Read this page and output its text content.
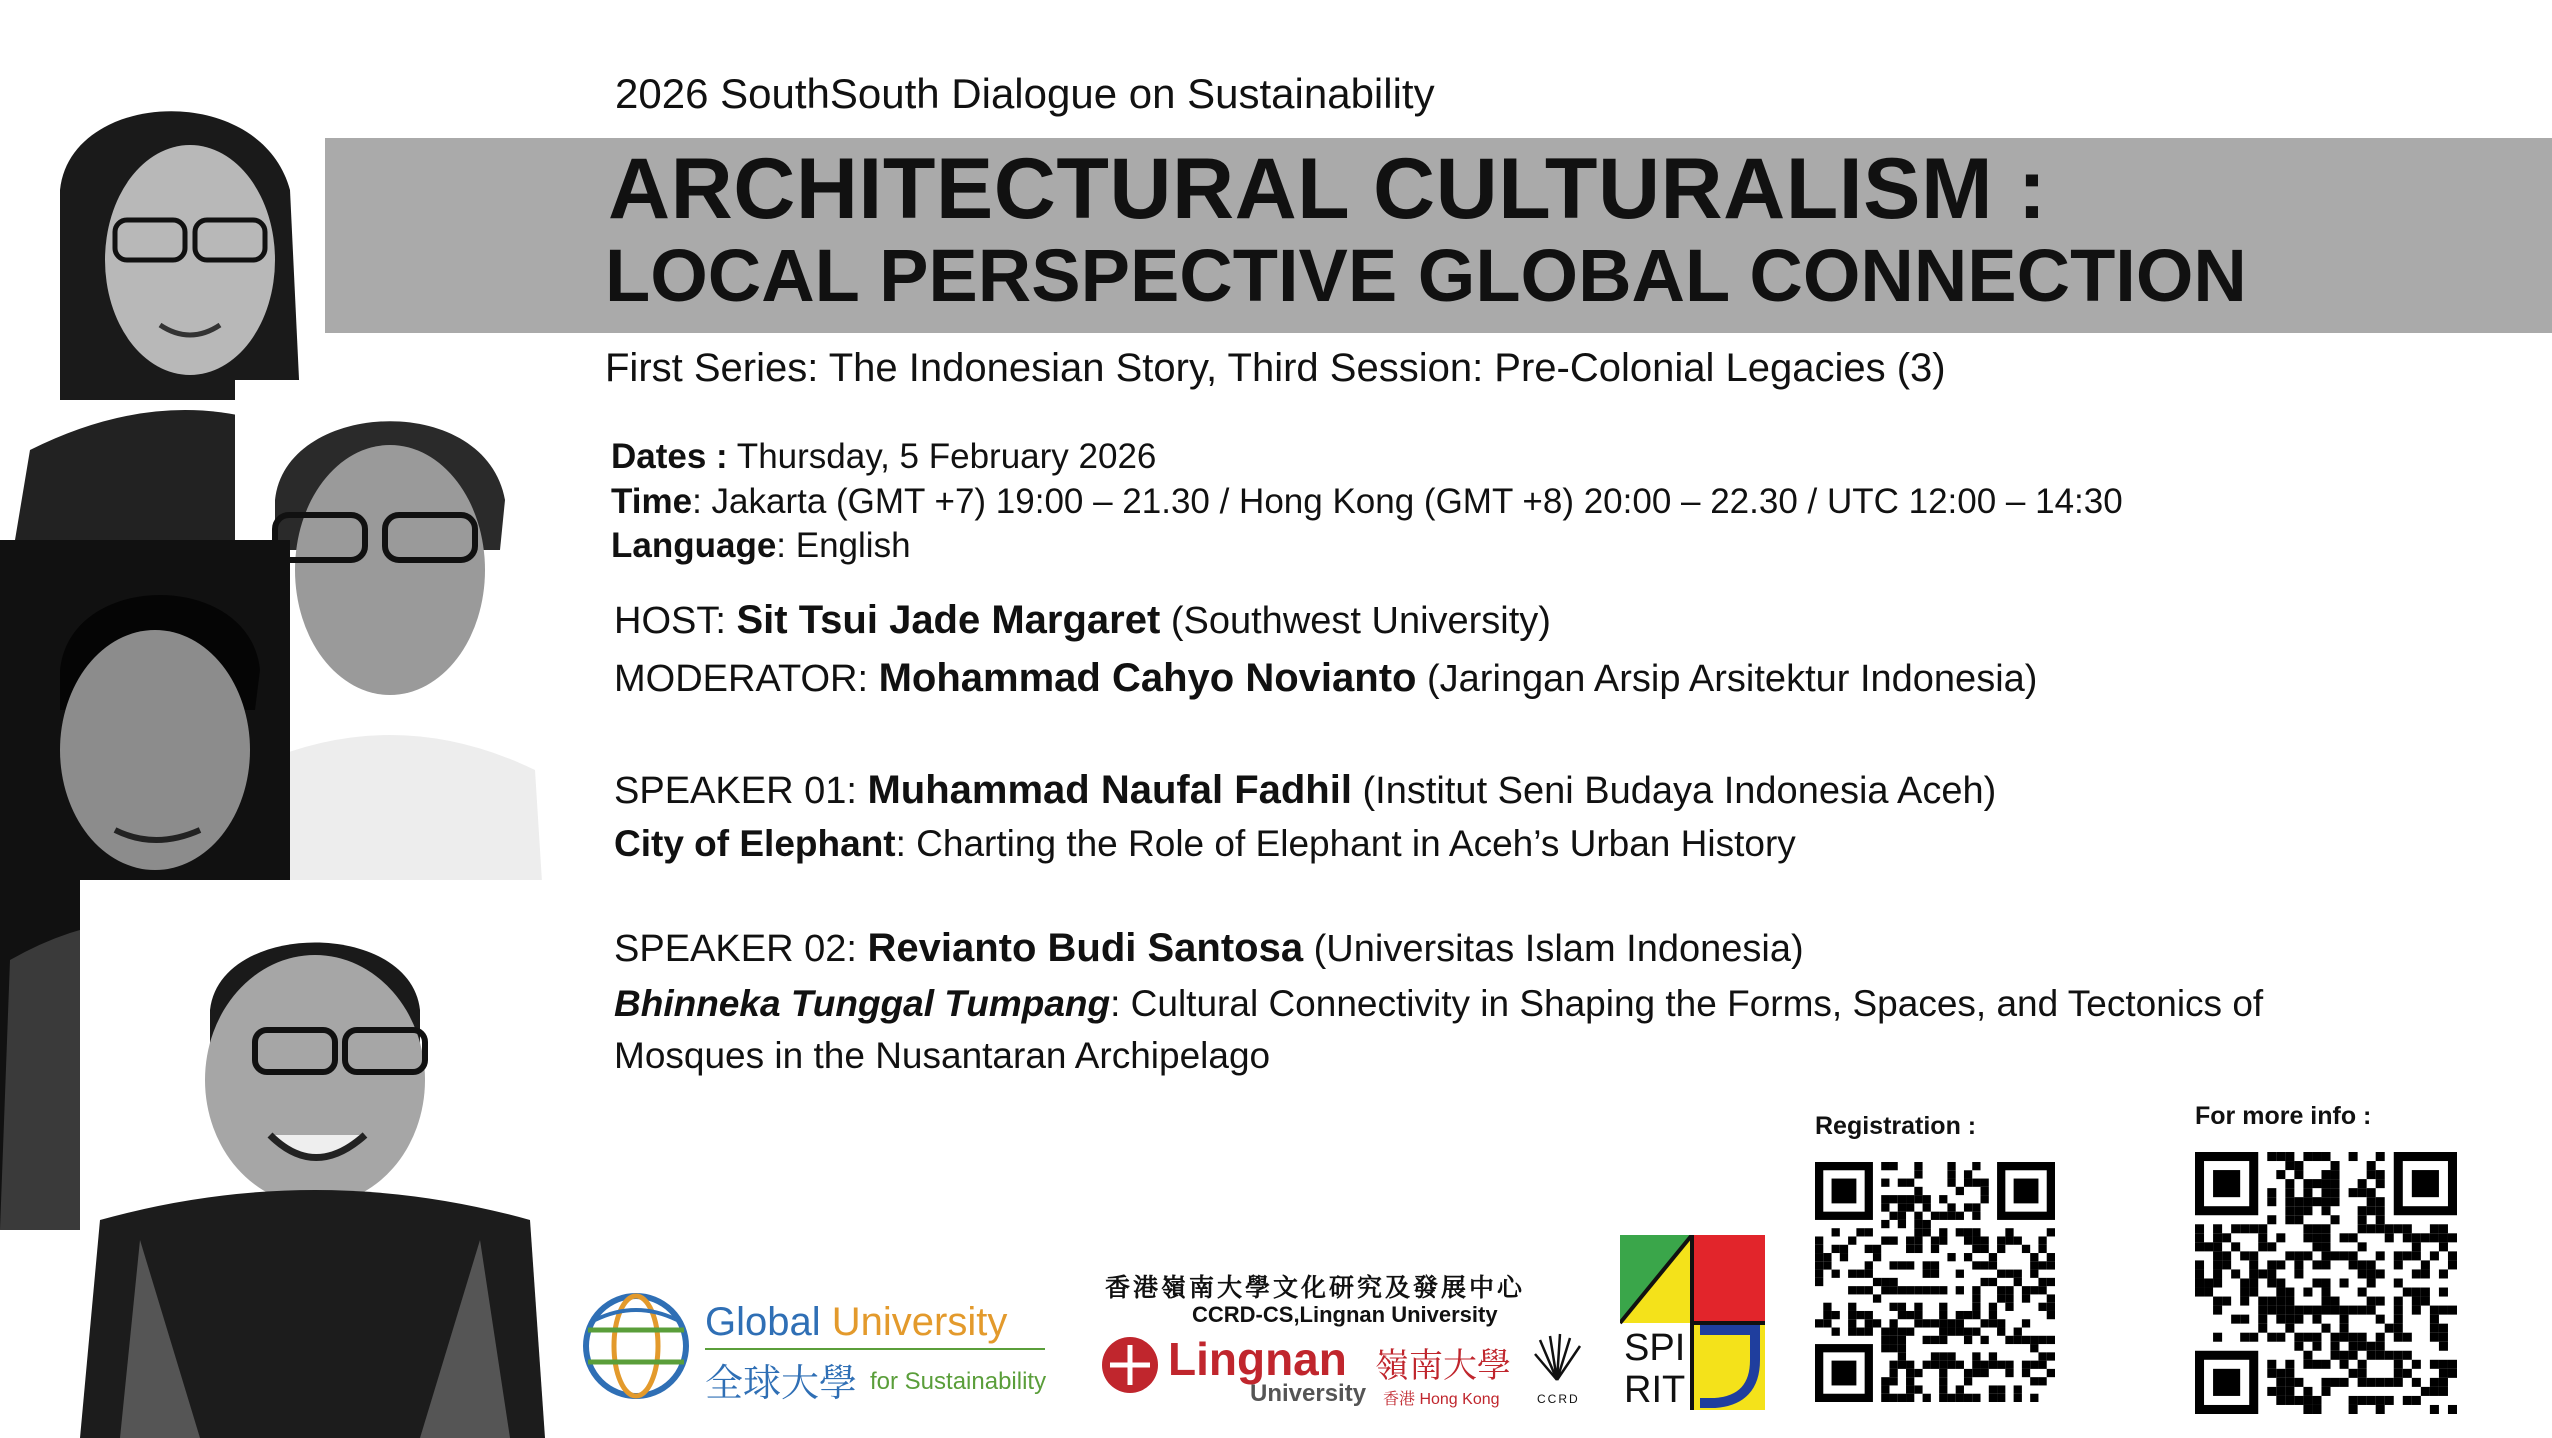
2026 SouthSouth Dialogue on Sustainability
ARCHITECTURAL CULTURALISM :
LOCAL PERSPECTIVE GLOBAL CONNECTION
First Series: The Indonesian Story, Third Session: Pre-Colonial Legacies (3)
Dates : Thursday, 5 February 2026
Time: Jakarta (GMT +7) 19:00 – 21.30 / Hong Kong (GMT +8) 20:00 – 22.30 / UTC 12:00 – 14:30
Language: English
HOST: Sit Tsui Jade Margaret (Southwest University)
MODERATOR: Mohammad Cahyo Novianto (Jaringan Arsip Arsitektur Indonesia)
SPEAKER 01: Muhammad Naufal Fadhil (Institut Seni Budaya Indonesia Aceh)
City of Elephant: Charting the Role of Elephant in Aceh’s Urban History
SPEAKER 02: Revianto Budi Santosa (Universitas Islam Indonesia)
Bhinneka Tunggal Tumpang: Cultural Connectivity in Shaping the Forms, Spaces, and Tectonics of
Mosques in the Nusantaran Archipelago
Registration :	For more info :
Global University
全球大學 for Sustainability
香港嶺南大學文化研究及發展中心
CCRD-CS,Lingnan University
Lingnan 嶺南大學
University 香港 Hong Kong	CCRD
SPI
RIT
